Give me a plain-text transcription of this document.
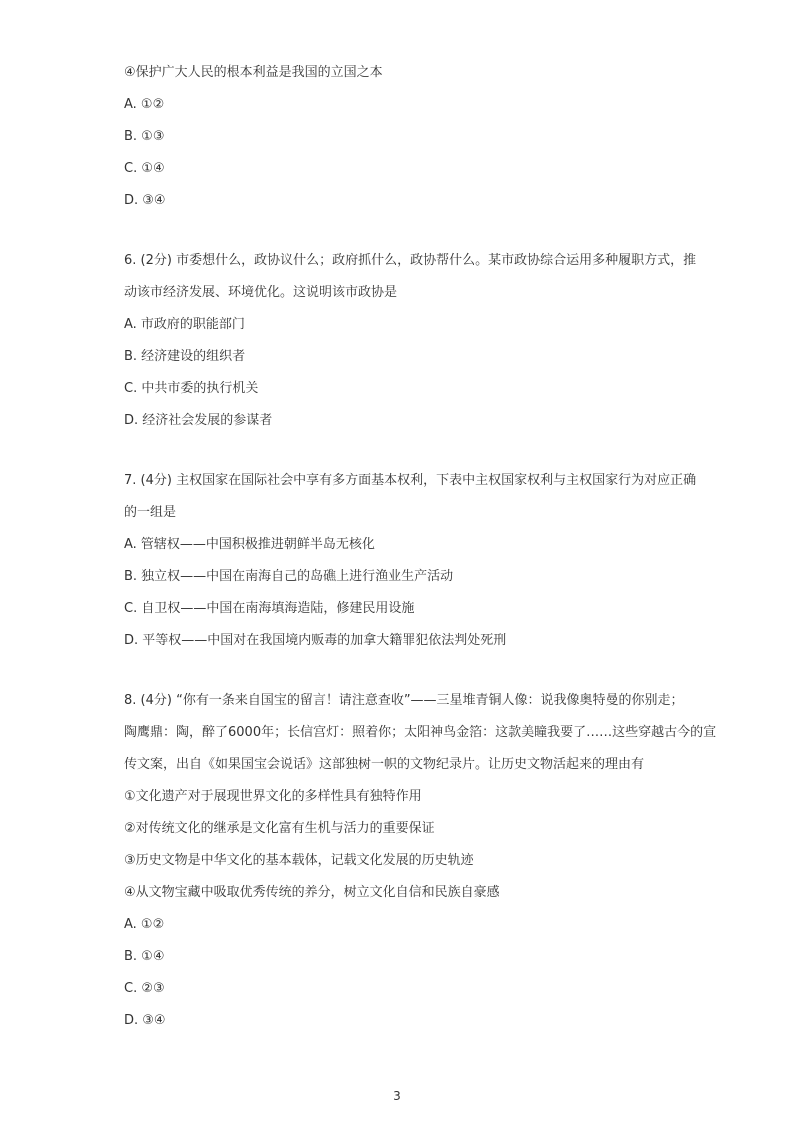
④保护广大人民的根本利益是我国的立国之本
A. ①②
B. ①③
C. ①④
D. ③④
6. (2分) 市委想什么，政协议什么；政府抓什么，政协帮什么。某市政协综合运用多种履职方式，推
动该市经济发展、环境优化。这说明该市政协是
A. 市政府的职能部门
B. 经济建设的组织者
C. 中共市委的执行机关
D. 经济社会发展的参谋者
7. (4分) 主权国家在国际社会中享有多方面基本权利，下表中主权国家权利与主权国家行为对应正确
的一组是
A. 管辖权——中国积极推进朝鲜半岛无核化
B. 独立权——中国在南海自己的岛礁上进行渔业生产活动
C. 自卫权——中国在南海填海造陆，修建民用设施
D. 平等权——中国对在我国境内贩毒的加拿大籍罪犯依法判处死刑
8. (4分) “你有一条来自国宝的留言！请注意查收”——三星堆青铜人像：说我像奥特曼的你别走；
陶鹰鼎：陶，醉了6000年；长信宫灯：照着你；太阳神鸟金箔：这款美瞳我要了……这些穿越古今的宣
传文案，出自《如果国宝会说话》这部独树一帜的文物纪录片。让历史文物活起来的理由有
①文化遗产对于展现世界文化的多样性具有独特作用
②对传统文化的继承是文化富有生机与活力的重要保证
③历史文物是中华文化的基本载体，记载文化发展的历史轨迹
④从文物宝藏中吸取优秀传统的养分，树立文化自信和民族自豪感
A. ①②
B. ①④
C. ②③
D. ③④
3
